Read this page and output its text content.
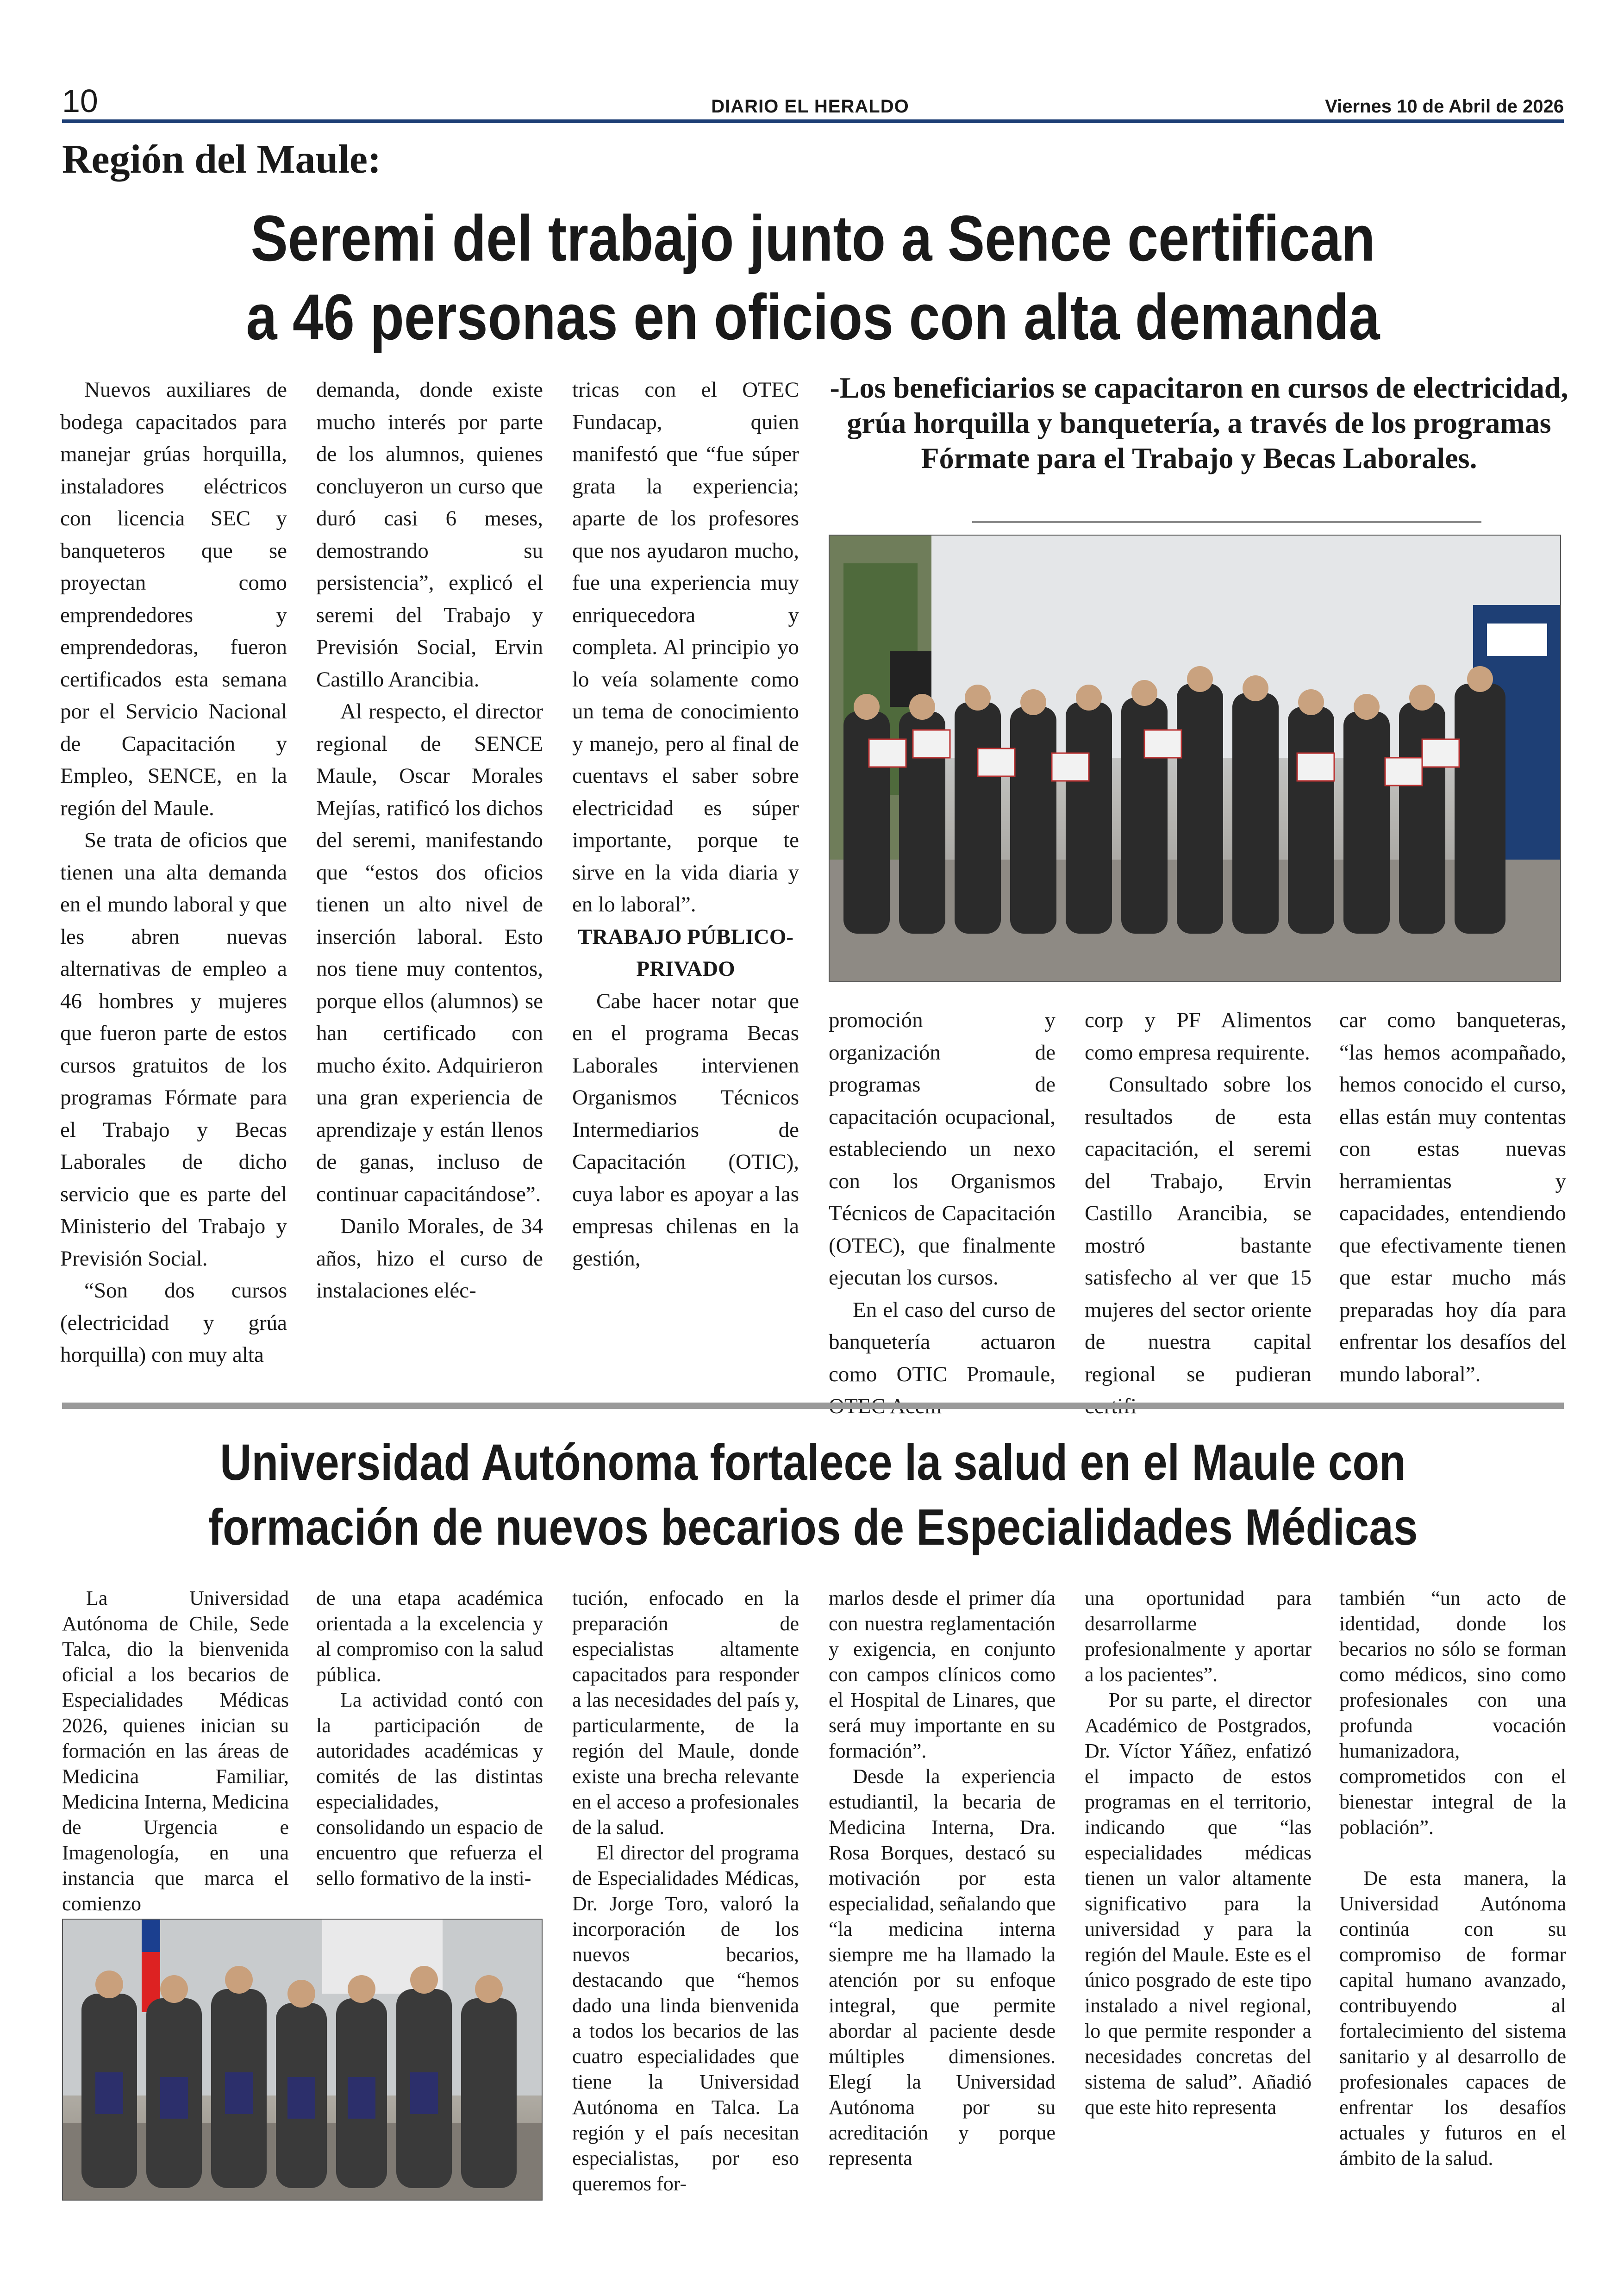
10	DIARIO EL HERALDO	Viernes 10 de Abril de 2026
Región del Maule:
Seremi del trabajo junto a Sence certifican
a 46 personas en oficios con alta demanda

Nuevos auxiliares de bodega capacitados para manejar grúas horquilla, instaladores eléctricos con licencia SEC y banqueteros que se proyectan como emprendedores y emprendedoras, fueron certificados esta semana por el Servicio Nacional de Capacitación y Empleo, SENCE, en la región del Maule.

Se trata de oficios que tienen una alta demanda en el mundo laboral y que les abren nuevas alternativas de empleo a 46 hombres y mujeres que fueron parte de estos cursos gratuitos de los programas Fórmate para el Trabajo y Becas Laborales de dicho servicio que es parte del Ministerio del Trabajo y Previsión Social.

“Son dos cursos (electricidad y grúa horquilla) con muy alta

demanda, donde existe mucho interés por parte de los alumnos, quienes concluyeron un curso que duró casi 6 meses, demostrando su persistencia”, explicó el seremi del Trabajo y Previsión Social, Ervin Castillo Arancibia.

Al respecto, el director regional de SENCE Maule, Oscar Morales Mejías, ratificó los dichos del seremi, manifestando que “estos dos oficios tienen un alto nivel de inserción laboral. Esto nos tiene muy contentos, porque ellos (alumnos) se han certificado con mucho éxito. Adquirieron una gran experiencia de aprendizaje y están llenos de ganas, incluso de continuar capacitándose”.

Danilo Morales, de 34 años, hizo el curso de instalaciones eléc-

tricas con el OTEC Fundacap, quien manifestó que “fue súper grata la experiencia; aparte de los profesores que nos ayudaron mucho, fue una experiencia muy enriquecedora y completa. Al principio yo lo veía solamente como un tema de conocimiento y manejo, pero al final de cuentavs el saber sobre electricidad es súper importante, porque te sirve en la vida diaria y en lo laboral”.

TRABAJO PÚBLICO-PRIVADO

Cabe hacer notar que en el programa Becas Laborales intervienen Organismos Técnicos Intermediarios de Capacitación (OTIC), cuya labor es apoyar a las empresas chilenas en la gestión,

-Los beneficiarios se capacitaron en cursos de electricidad, grúa horquilla y banquetería, a través de los programas Fórmate para el Trabajo y Becas Laborales.

promoción y organización de programas de capacitación ocupacional, estableciendo un nexo con los Organismos Técnicos de Capacitación (OTEC), que finalmente ejecutan los cursos.

En el caso del curso de banquetería actuaron como OTIC Promaule,

corp y PF Alimentos como empresa requirente.

Consultado sobre los resultados de esta capacitación, el seremi del Trabajo, Ervin Castillo Arancibia, se mostró bastante satisfecho al ver que 15 mujeres del sector oriente de nuestra capital regional se pudieran

car como banqueteras, “las hemos acompañado, hemos conocido el curso, ellas están muy contentas con estas nuevas herramientas y capacidades, entendiendo que efectivamente tienen que estar mucho más preparadas hoy día para enfrentar los desafíos del mundo laboral”.

Universidad Autónoma fortalece la salud en el Maule con
formación de nuevos becarios de Especialidades Médicas

La Universidad Autónoma de Chile, Sede Talca, dio la bienvenida oficial a los becarios de Especialidades Médicas 2026, quienes inician su formación en las áreas de Medicina Familiar, Medicina Interna, Medicina de Urgencia e Imagenología, en una instancia que marca el comienzo

de una etapa académica orientada a la excelencia y al compromiso con la salud pública.

La actividad contó con la participación de autoridades académicas y comités de las distintas especialidades, consolidando un espacio de encuentro que refuerza el sello formativo de la insti-

tución, enfocado en la preparación de especialistas altamente capacitados para responder a las necesidades del país y, particularmente, de la región del Maule, donde existe una brecha relevante en el acceso a profesionales de la salud.

El director del programa de Especialidades Médicas, Dr. Jorge Toro, valoró la incorporación de los nuevos becarios, destacando que “hemos dado una linda bienvenida a todos los becarios de las cuatro especialidades que tiene la Universidad Autónoma en Talca. La región y el país necesitan especialistas, por eso queremos for-

marlos desde el primer día con nuestra reglamentación y exigencia, en conjunto con campos clínicos como el Hospital de Linares, que será muy importante en su formación”.

Desde la experiencia estudiantil, la becaria de Medicina Interna, Dra. Rosa Borques, destacó su motivación por esta especialidad, señalando que “la medicina interna siempre me ha llamado la atención por su enfoque integral, que permite abordar al paciente desde múltiples dimensiones. Elegí la Universidad Autónoma por su acreditación y porque representa

una oportunidad para desarrollarme profesionalmente y aportar a los pacientes”.

Por su parte, el director Académico de Postgrados, Dr. Víctor Yáñez, enfatizó el impacto de estos programas en el territorio, indicando que “las especialidades médicas tienen un valor altamente significativo para la universidad y para la región del Maule. Este es el único posgrado de este tipo instalado a nivel regional, lo que permite responder a necesidades concretas del sistema de salud”. Añadió que este hito representa

también “un acto de identidad, donde los becarios no sólo se forman como médicos, sino como profesionales con una profunda vocación humanizadora, comprometidos con el bienestar integral de la población”.

De esta manera, la Universidad Autónoma continúa con su compromiso de formar capital humano avanzado, contribuyendo al fortalecimiento del sistema sanitario y al desarrollo de profesionales capaces de enfrentar los desafíos actuales y futuros en el ámbito de la salud.
